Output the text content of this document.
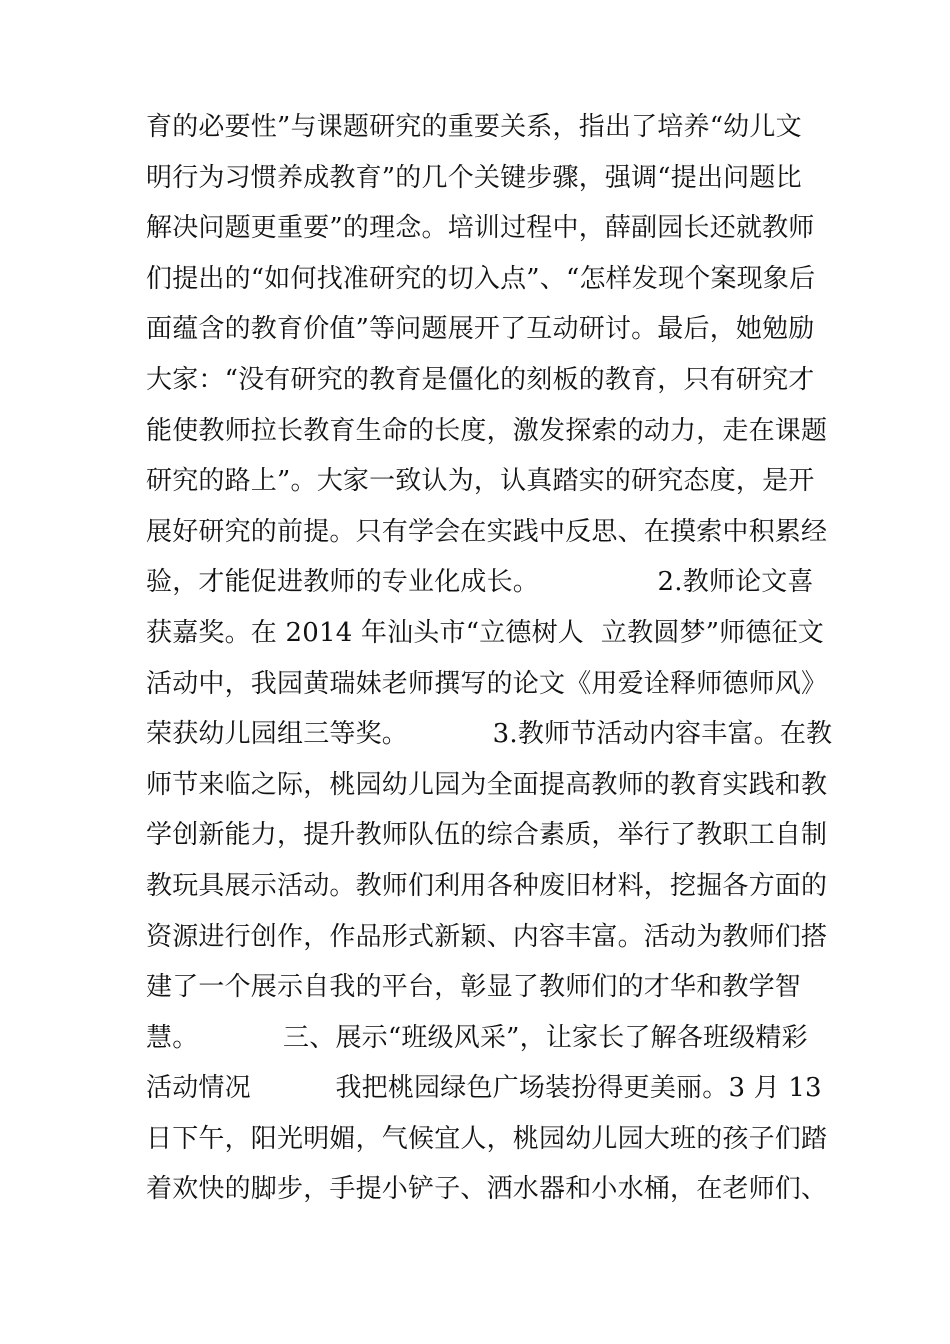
育的必要性”与课题研究的重要关系，指出了培养“幼儿文
明行为习惯养成教育”的几个关键步骤，强调“提出问题比
解决问题更重要”的理念。培训过程中，薛副园长还就教师
们提出的“如何找准研究的切入点”、“怎样发现个案现象后
面蕴含的教育价值”等问题展开了互动研讨。最后，她勉励
大家：“没有研究的教育是僵化的刻板的教育，只有研究才
能使教师拉长教育生命的长度，激发探索的动力，走在课题
研究的路上”。大家一致认为，认真踏实的研究态度，是开
展好研究的前提。只有学会在实践中反思、在摸索中积累经
验，才能促进教师的专业化成长。              2.教师论文喜
获嘉奖。在 2014 年汕头市“立德树人  立教圆梦”师德征文
活动中，我园黄瑞妹老师撰写的论文《用爱诠释师德师风》
荣获幼儿园组三等奖。          3.教师节活动内容丰富。在教
师节来临之际，桃园幼儿园为全面提高教师的教育实践和教
学创新能力，提升教师队伍的综合素质，举行了教职工自制
教玩具展示活动。教师们利用各种废旧材料，挖掘各方面的
资源进行创作，作品形式新颖、内容丰富。活动为教师们搭
建了一个展示自我的平台，彰显了教师们的才华和教学智
慧。          三、展示“班级风采”，让家长了解各班级精彩
活动情况          我把桃园绿色广场装扮得更美丽。3 月 13
日下午，阳光明媚，气候宜人，桃园幼儿园大班的孩子们踏
着欢快的脚步，手提小铲子、洒水器和小水桶，在老师们、
